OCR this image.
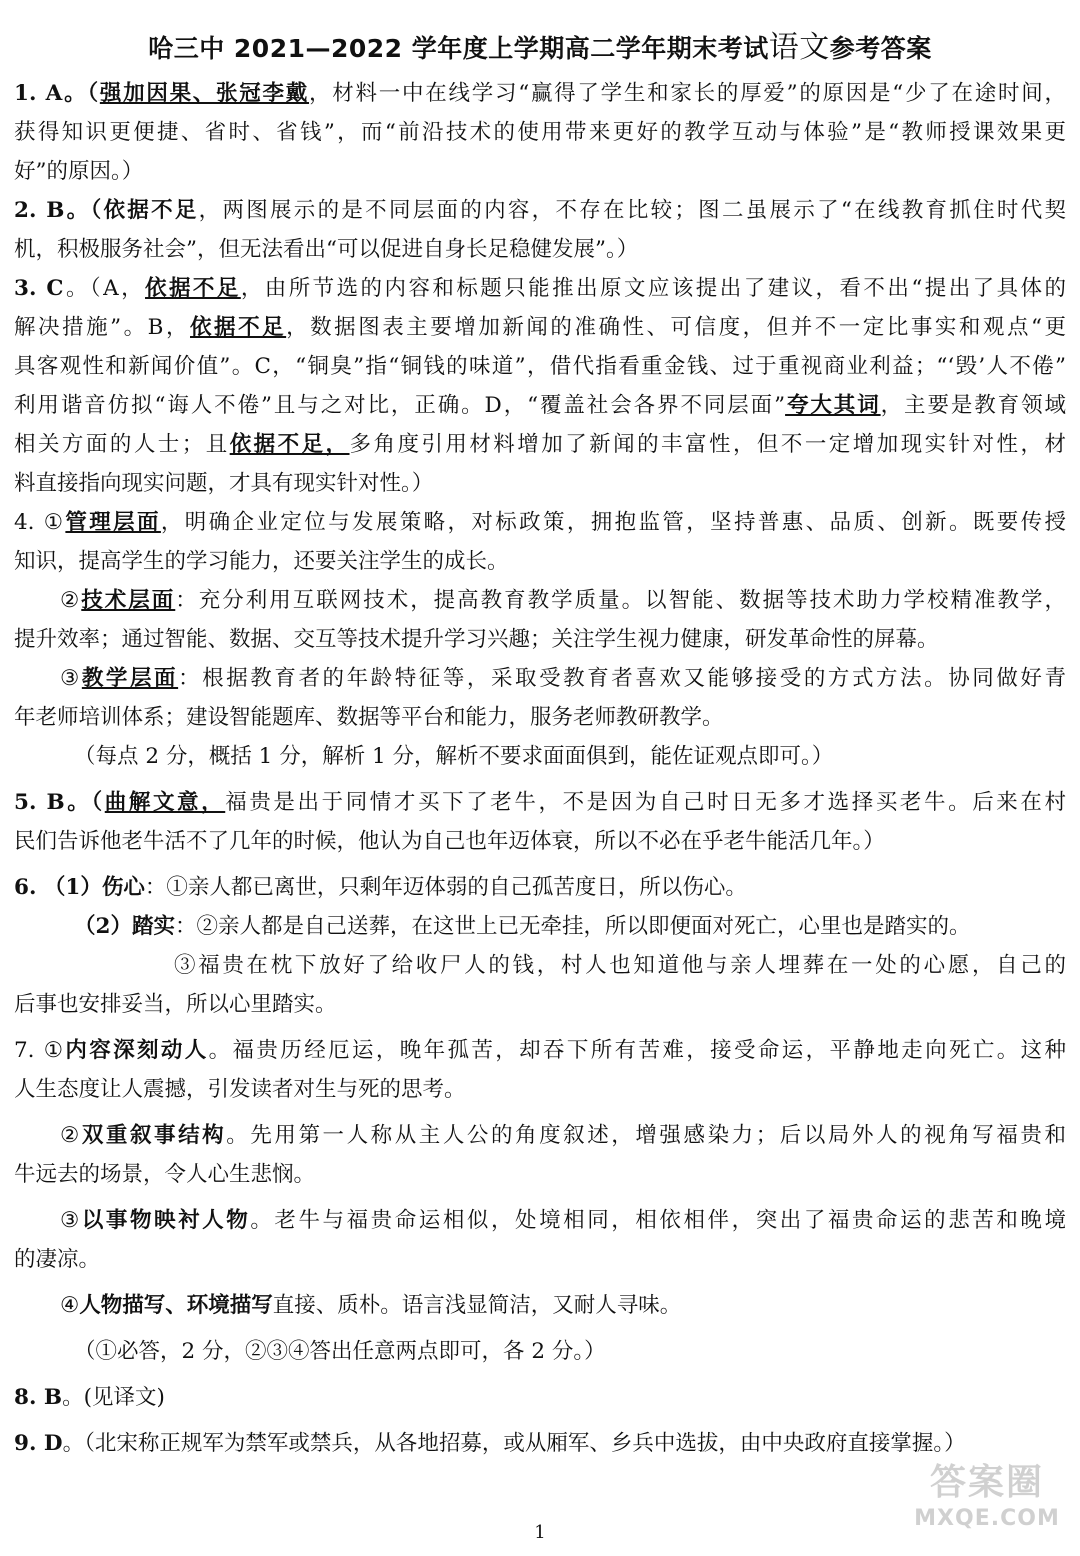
哈三中 2021—2022 学年度上学期高二学年期末考试语文参考答案
1. A。（强加因果、张冠李戴，材料一中在线学习“赢得了学生和家长的厚爱”的原因是“少了在途时间，
获得知识更便捷、省时、省钱”，而“前沿技术的使用带来更好的教学互动与体验”是“教师授课效果更
好”的原因。）
2. B。（依据不足，两图展示的是不同层面的内容，不存在比较；图二虽展示了“在线教育抓住时代契
机，积极服务社会”，但无法看出“可以促进自身长足稳健发展”。）
3. C。（A，依据不足，由所节选的内容和标题只能推出原文应该提出了建议，看不出“提出了具体的
解决措施”。B，依据不足，数据图表主要增加新闻的准确性、可信度，但并不一定比事实和观点“更
具客观性和新闻价值”。C，“铜臭”指“铜钱的味道”，借代指看重金钱、过于重视商业利益；“‘毁’人不倦”
利用谐音仿拟“诲人不倦”且与之对比，正确。D，“覆盖社会各界不同层面”夸大其词，主要是教育领域
相关方面的人士；且依据不足，多角度引用材料增加了新闻的丰富性，但不一定增加现实针对性，材
料直接指向现实问题，才具有现实针对性。）
4. ①管理层面，明确企业定位与发展策略，对标政策，拥抱监管，坚持普惠、品质、创新。既要传授
知识，提高学生的学习能力，还要关注学生的成长。
②技术层面：充分利用互联网技术，提高教育教学质量。以智能、数据等技术助力学校精准教学，
提升效率；通过智能、数据、交互等技术提升学习兴趣；关注学生视力健康，研发革命性的屏幕。
③教学层面：根据教育者的年龄特征等，采取受教育者喜欢又能够接受的方式方法。协同做好青
年老师培训体系；建设智能题库、数据等平台和能力，服务老师教研教学。
（每点 2 分，概括 1 分，解析 1 分，解析不要求面面俱到，能佐证观点即可。）
5. B。（曲解文意，福贵是出于同情才买下了老牛，不是因为自己时日无多才选择买老牛。后来在村
民们告诉他老牛活不了几年的时候，他认为自己也年迈体衰，所以不必在乎老牛能活几年。）
6. （1）伤心：①亲人都已离世，只剩年迈体弱的自己孤苦度日，所以伤心。
（2）踏实：②亲人都是自己送葬，在这世上已无牵挂，所以即便面对死亡，心里也是踏实的。
③福贵在枕下放好了给收尸人的钱，村人也知道他与亲人埋葬在一处的心愿，自己的
后事也安排妥当，所以心里踏实。
7. ①内容深刻动人。福贵历经厄运，晚年孤苦，却吞下所有苦难，接受命运，平静地走向死亡。这种
人生态度让人震撼，引发读者对生与死的思考。
②双重叙事结构。先用第一人称从主人公的角度叙述，增强感染力；后以局外人的视角写福贵和
牛远去的场景，令人心生悲悯。
③以事物映衬人物。老牛与福贵命运相似，处境相同，相依相伴，突出了福贵命运的悲苦和晚境
的凄凉。
④人物描写、环境描写直接、质朴。语言浅显简洁，又耐人寻味。
（①必答，2 分，②③④答出任意两点即可，各 2 分。）
8. B。(见译文)
9. D。（北宋称正规军为禁军或禁兵，从各地招募，或从厢军、乡兵中选拔，由中央政府直接掌握。）
1
答案圈
MXQE.COM
